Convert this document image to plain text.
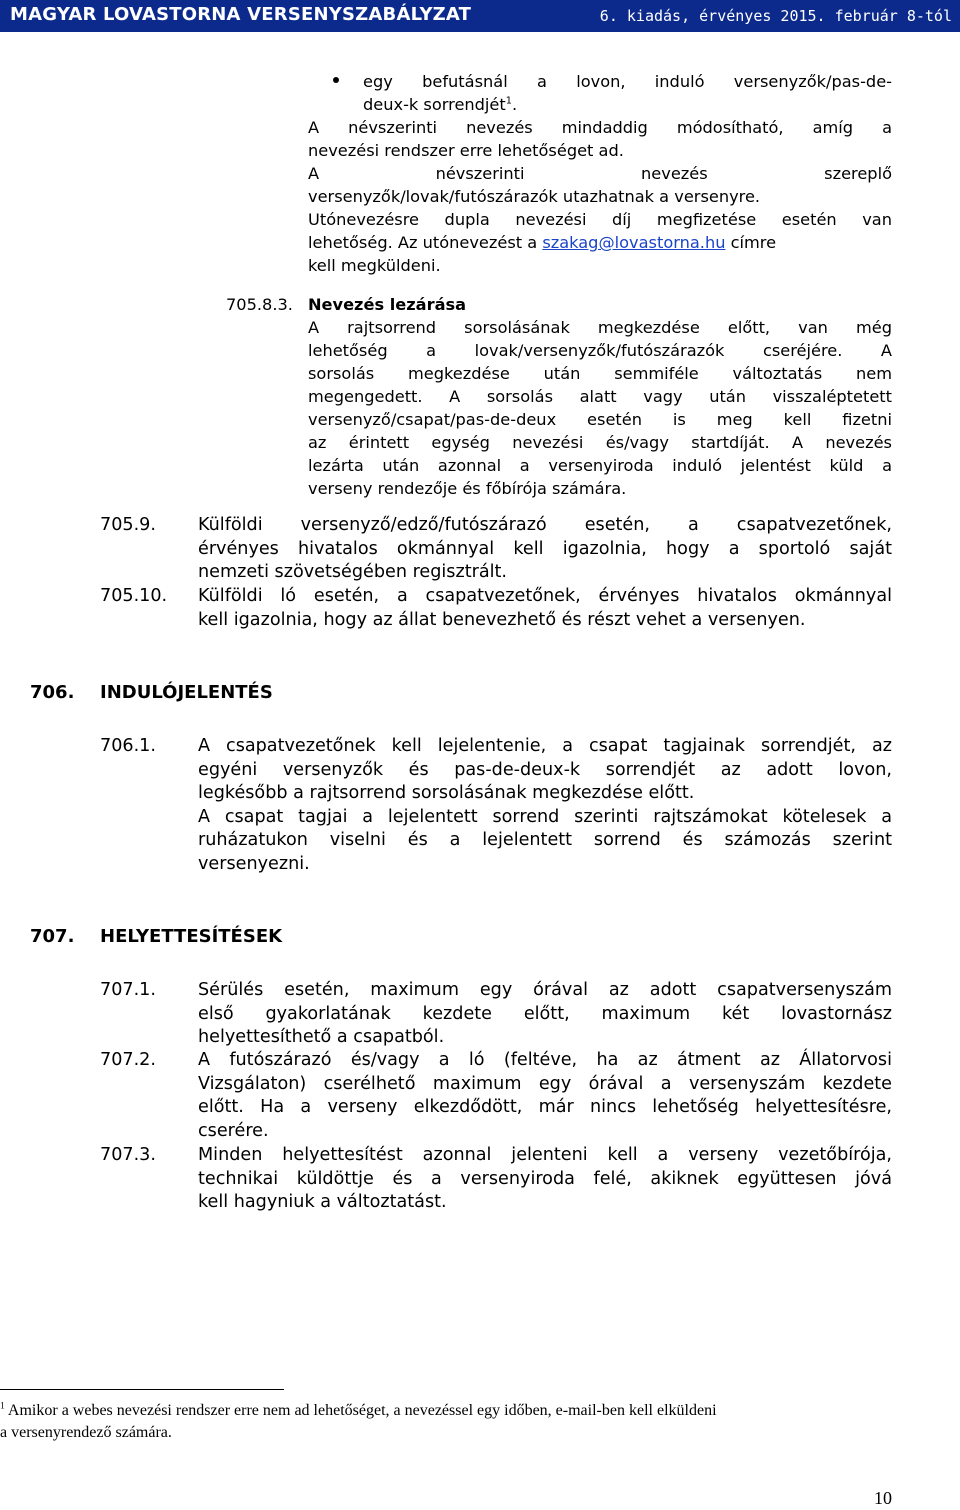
MAGYAR LOVASTORNA VERSENYSZABÁLYZAT	6. kiadás, érvényes 2015. február 8-tól
egy befutásnál a lovon, induló versenyzők/pas-de-
deux-k sorrendjét$^1$.
A névszerinti nevezés mindaddig módosítható, amíg a
nevezési rendszer erre lehetőséget ad.
A névszerinti nevezés szereplő
versenyzők/lovak/futószárazók utazhatnak a versenyre.
Utónevezésre dupla nevezési díj megfizetése esetén van
lehetőség. Az utónevezést a szakag@lovastorna.hu címre
kell megküldeni.
705.8.3. Nevezés lezárása
A rajtsorrend sorsolásának megkezdése előtt, van még
lehetőség a lovak/versenyzők/futószárazók cseréjére. A
sorsolás megkezdése után semmiféle változtatás nem
megengedett. A sorsolás alatt vagy után visszaléptetett
versenyző/csapat/pas-de-deux esetén is meg kell fizetni
az érintett egység nevezési és/vagy startdíját. A nevezés
lezárta után azonnal a versenyiroda induló jelentést küld a
verseny rendezője és főbírója számára.
705.9. Külföldi versenyző/edző/futószárazó esetén, a csapatvezetőnek,
érvényes hivatalos okmánnyal kell igazolnia, hogy a sportoló saját
nemzeti szövetségében regisztrált.
705.10. Külföldi ló esetén, a csapatvezetőnek, érvényes hivatalos okmánnyal
kell igazolnia, hogy az állat benevezhető és részt vehet a versenyen.
706. INDULÓJELENTÉS
706.1. A csapatvezetőnek kell lejelentenie, a csapat tagjainak sorrendjét, az
egyéni versenyzők és pas-de-deux-k sorrendjét az adott lovon,
legkésőbb a rajtsorrend sorsolásának megkezdése előtt.
A csapat tagjai a lejelentett sorrend szerinti rajtszámokat kötelesek a
ruházatukon viselni és a lejelentett sorrend és számozás szerint
versenyezni.
707. HELYETTESÍTÉSEK
707.1. Sérülés esetén, maximum egy órával az adott csapatversenyszám
első gyakorlatának kezdete előtt, maximum két lovastornász
helyettesíthető a csapatból.
707.2. A futószárazó és/vagy a ló (feltéve, ha az átment az Állatorvosi
Vizsgálaton) cserélhető maximum egy órával a versenyszám kezdete
előtt. Ha a verseny elkezdődött, már nincs lehetőség helyettesítésre,
cserére.
707.3. Minden helyettesítést azonnal jelenteni kell a verseny vezetőbírója,
technikai küldöttje és a versenyiroda felé, akiknek együttesen jóvá
kell hagyniuk a változtatást.
$^1$ Amikor a webes nevezési rendszer erre nem ad lehetőséget, a nevezéssel egy időben, e-mail-ben kell elküldeni
a versenyrendező számára.
10
